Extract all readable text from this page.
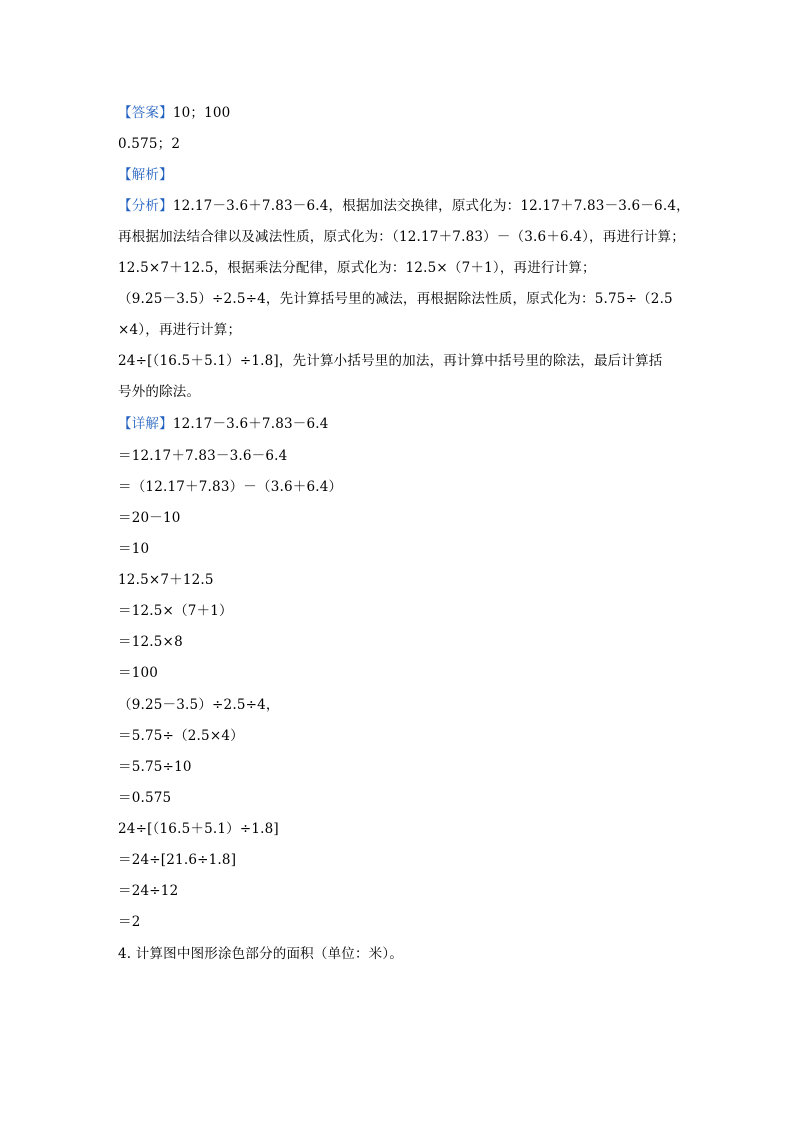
【答案】10；100
0.575；2
【解析】
【分析】12.17－3.6＋7.83－6.4，根据加法交换律，原式化为：12.17＋7.83－3.6－6.4，
再根据加法结合律以及减法性质，原式化为：（12.17＋7.83）－（3.6＋6.4），再进行计算；
12.5×7＋12.5，根据乘法分配律，原式化为：12.5×（7＋1），再进行计算；
（9.25－3.5）÷2.5÷4，先计算括号里的减法，再根据除法性质，原式化为：5.75÷（2.5
×4），再进行计算；
24÷[（16.5＋5.1）÷1.8]，先计算小括号里的加法，再计算中括号里的除法，最后计算括
号外的除法。
【详解】12.17－3.6＋7.83－6.4
＝12.17＋7.83－3.6－6.4
＝（12.17＋7.83）－（3.6＋6.4）
＝20－10
＝10
12.5×7＋12.5
＝12.5×（7＋1）
＝12.5×8
＝100
（9.25－3.5）÷2.5÷4，
＝5.75÷（2.5×4）
＝5.75÷10
＝0.575
24÷[（16.5＋5.1）÷1.8]
＝24÷[21.6÷1.8]
＝24÷12
＝2
4. 计算图中图形涂色部分的面积（单位：米）。
